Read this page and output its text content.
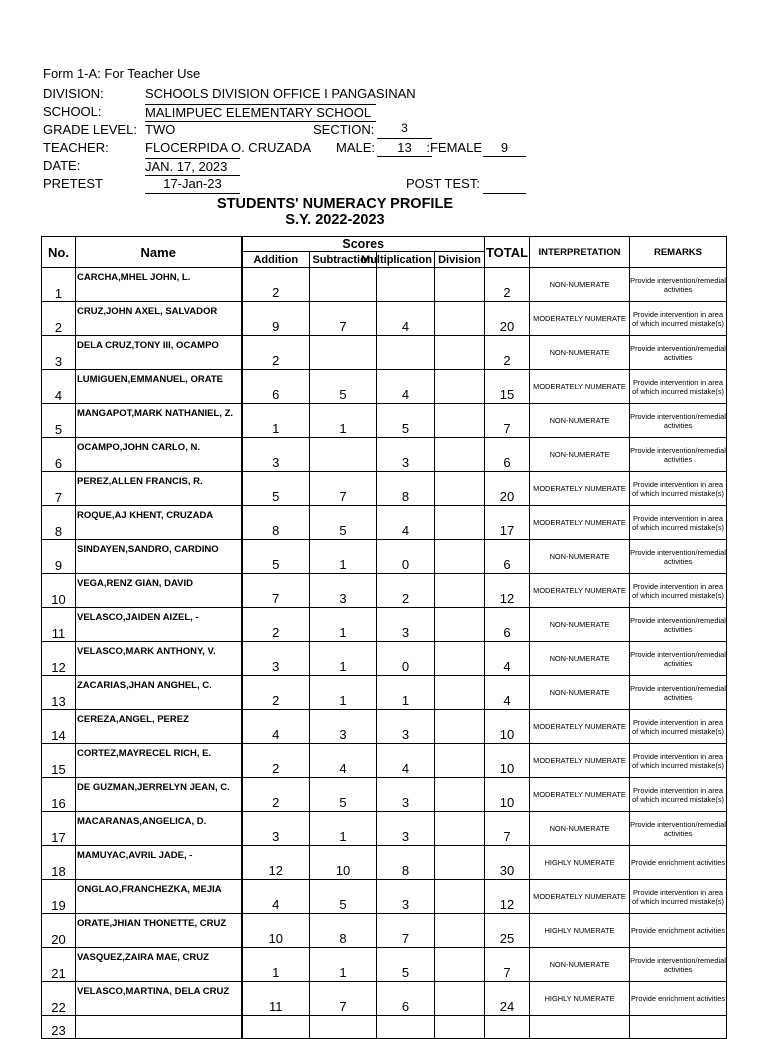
Form 1-A: For Teacher Use
DIVISION:	SCHOOLS DIVISION OFFICE I PANGASINAN
SCHOOL:	MALIMPUEC ELEMENTARY SCHOOL
GRADE LEVEL: TWO	SECTION:	3
TEACHER:	FLOCERPIDA O. CRUZADA MALE:	13	FEMALE:	9
DATE:	JAN. 17, 2023
PRETEST	17-Jan-23	POST TEST:
STUDENTS' NUMERACY PROFILE
S.Y. 2022-2023
No.	Name	Scores				TOTAL	INTERPRETATION	REMARKS
		Addition	Subtraction	Multiplication	Division			
1	CARCHA,MHEL JOHN, L.	2				2	NON-NUMERATE	Provide intervention/remedial activities
2	CRUZ,JOHN AXEL, SALVADOR	9	7	4		20	MODERATELY NUMERATE	Provide intervention in area of which incurred mistake(s)
3	DELA CRUZ,TONY III, OCAMPO	2				2	NON-NUMERATE	Provide intervention/remedial activities
4	LUMIGUEN,EMMANUEL, ORATE	6	5	4		15	MODERATELY NUMERATE	Provide intervention in area of which incurred mistake(s)
5	MANGAPOT,MARK NATHANIEL, Z.	1	1	5		7	NON-NUMERATE	Provide intervention/remedial activities
6	OCAMPO,JOHN CARLO, N.	3		3		6	NON-NUMERATE	Provide intervention/remedial activities
7	PEREZ,ALLEN FRANCIS, R.	5	7	8		20	MODERATELY NUMERATE	Provide intervention in area of which incurred mistake(s)
8	ROQUE,AJ KHENT, CRUZADA	8	5	4		17	MODERATELY NUMERATE	Provide intervention in area of which incurred mistake(s)
9	SINDAYEN,SANDRO, CARDINO	5	1	0		6	NON-NUMERATE	Provide intervention/remedial activities
10	VEGA,RENZ GIAN, DAVID	7	3	2		12	MODERATELY NUMERATE	Provide intervention in area of which incurred mistake(s)
11	VELASCO,JAIDEN AIZEL, -	2	1	3		6	NON-NUMERATE	Provide intervention/remedial activities
12	VELASCO,MARK ANTHONY, V.	3	1	0		4	NON-NUMERATE	Provide intervention/remedial activities
13	ZACARIAS,JHAN ANGHEL, C.	2	1	1		4	NON-NUMERATE	Provide intervention/remedial activities
14	CEREZA,ANGEL, PEREZ	4	3	3		10	MODERATELY NUMERATE	Provide intervention in area of which incurred mistake(s)
15	CORTEZ,MAYRECEL RICH, E.	2	4	4		10	MODERATELY NUMERATE	Provide intervention in area of which incurred mistake(s)
16	DE GUZMAN,JERRELYN JEAN, C.	2	5	3		10	MODERATELY NUMERATE	Provide intervention in area of which incurred mistake(s)
17	MACARANAS,ANGELICA, D.	3	1	3		7	NON-NUMERATE	Provide intervention/remedial activities
18	MAMUYAC,AVRIL JADE, -	12	10	8		30	HIGHLY NUMERATE	Provide enrichment activities
19	ONGLAO,FRANCHEZKA, MEJIA	4	5	3		12	MODERATELY NUMERATE	Provide intervention in area of which incurred mistake(s)
20	ORATE,JHIAN THONETTE, CRUZ	10	8	7		25	HIGHLY NUMERATE	Provide enrichment activities
21	VASQUEZ,ZAIRA MAE, CRUZ	1	1	5		7	NON-NUMERATE	Provide intervention/remedial activities
22	VELASCO,MARTINA, DELA CRUZ	11	7	6		24	HIGHLY NUMERATE	Provide enrichment activities
23								
